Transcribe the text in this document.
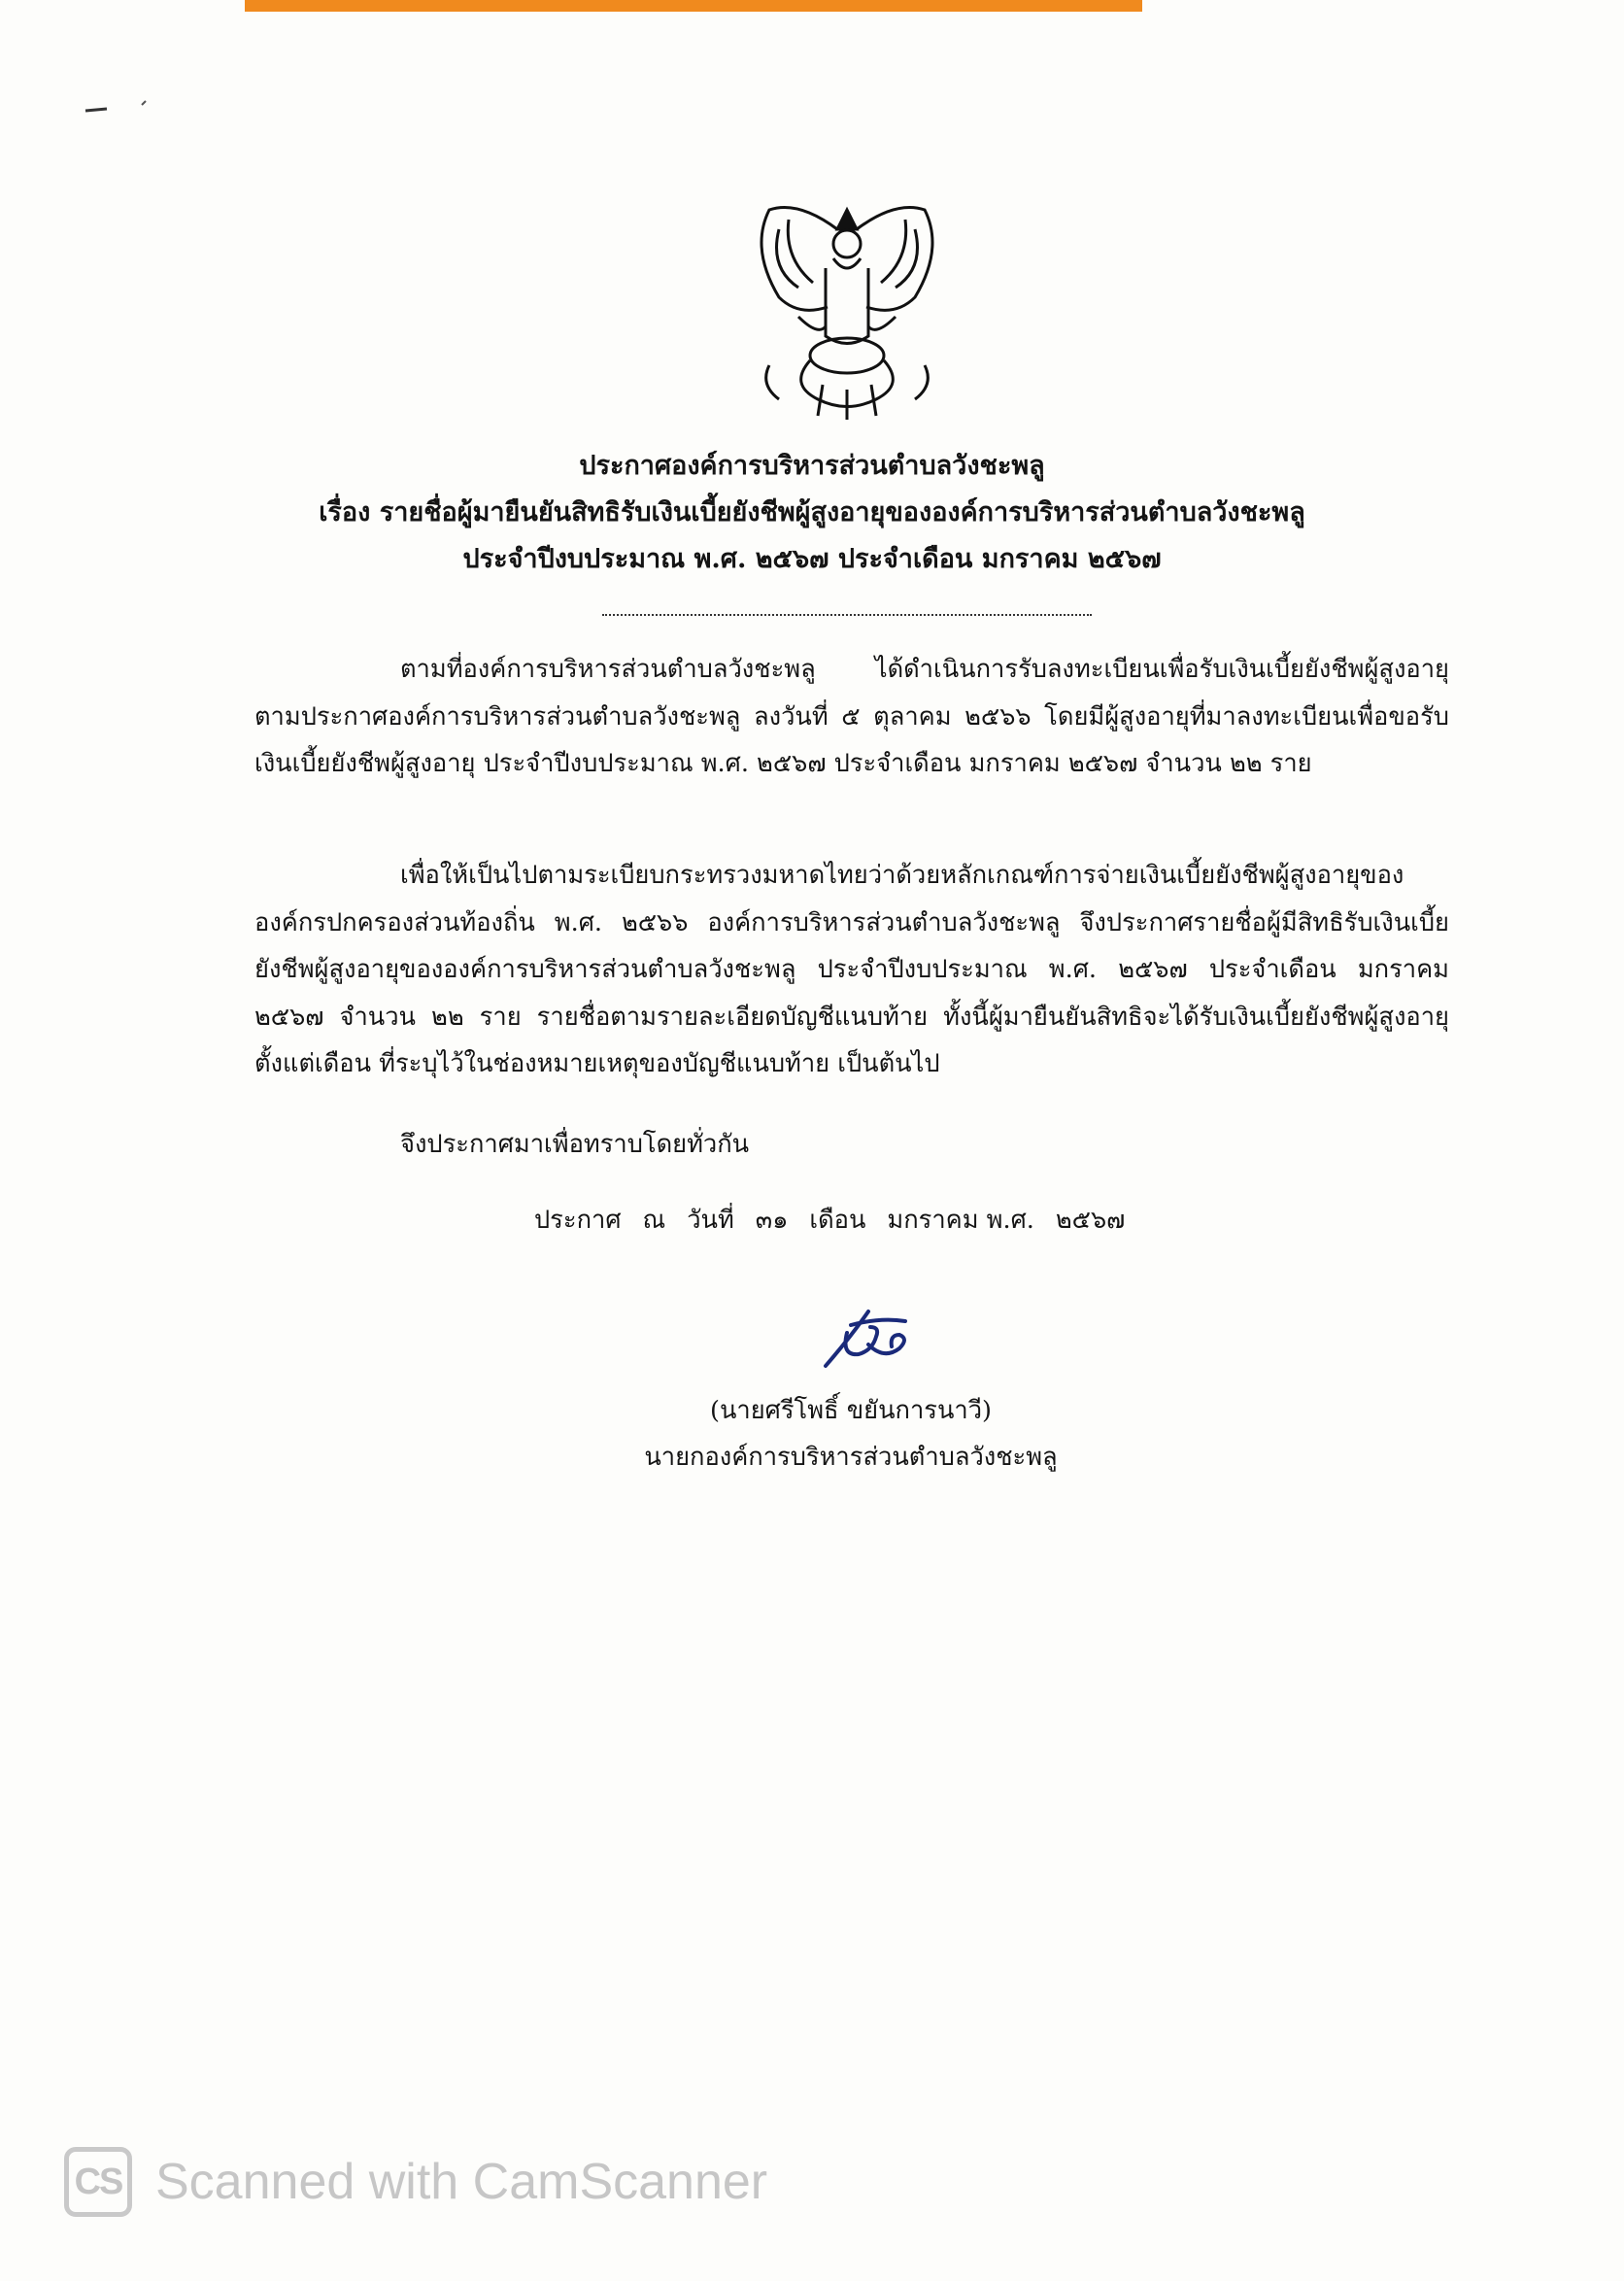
ประกาศองค์การบริหารส่วนตำบลวังชะพลู
เรื่อง รายชื่อผู้มายืนยันสิทธิรับเงินเบี้ยยังชีพผู้สูงอายุขององค์การบริหารส่วนตำบลวังชะพลู
ประจำปีงบประมาณ พ.ศ. ๒๕๖๗ ประจำเดือน มกราคม ๒๕๖๗

ตามที่องค์การบริหารส่วนตำบลวังชะพลู ได้ดำเนินการรับลงทะเบียนเพื่อรับเงินเบี้ยยังชีพผู้สูงอายุ ตามประกาศองค์การบริหารส่วนตำบลวังชะพลู ลงวันที่ ๕ ตุลาคม ๒๕๖๖ โดยมีผู้สูงอายุที่มาลงทะเบียนเพื่อขอรับเงินเบี้ยยังชีพผู้สูงอายุ ประจำปีงบประมาณ พ.ศ. ๒๕๖๗ ประจำเดือน มกราคม ๒๕๖๗ จำนวน ๒๒ ราย

เพื่อให้เป็นไปตามระเบียบกระทรวงมหาดไทยว่าด้วยหลักเกณฑ์การจ่ายเงินเบี้ยยังชีพผู้สูงอายุขององค์กรปกครองส่วนท้องถิ่น พ.ศ. ๒๕๖๖ องค์การบริหารส่วนตำบลวังชะพลู จึงประกาศรายชื่อผู้มีสิทธิรับเงินเบี้ยยังชีพผู้สูงอายุขององค์การบริหารส่วนตำบลวังชะพลู ประจำปีงบประมาณ พ.ศ. ๒๕๖๗ ประจำเดือน มกราคม ๒๕๖๗ จำนวน ๒๒ ราย รายชื่อตามรายละเอียดบัญชีแนบท้าย ทั้งนี้ผู้มายืนยันสิทธิจะได้รับเงินเบี้ยยังชีพผู้สูงอายุตั้งแต่เดือน ที่ระบุไว้ในช่องหมายเหตุของบัญชีแนบท้าย เป็นต้นไป

จึงประกาศมาเพื่อทราบโดยทั่วกัน
ประกาศ ณ วันที่ ๓๑ เดือน มกราคม พ.ศ. ๒๕๖๗
(นายศรีโพธิ์ ขยันการนาวี)
นายกองค์การบริหารส่วนตำบลวังชะพลู
CS Scanned with CamScanner
